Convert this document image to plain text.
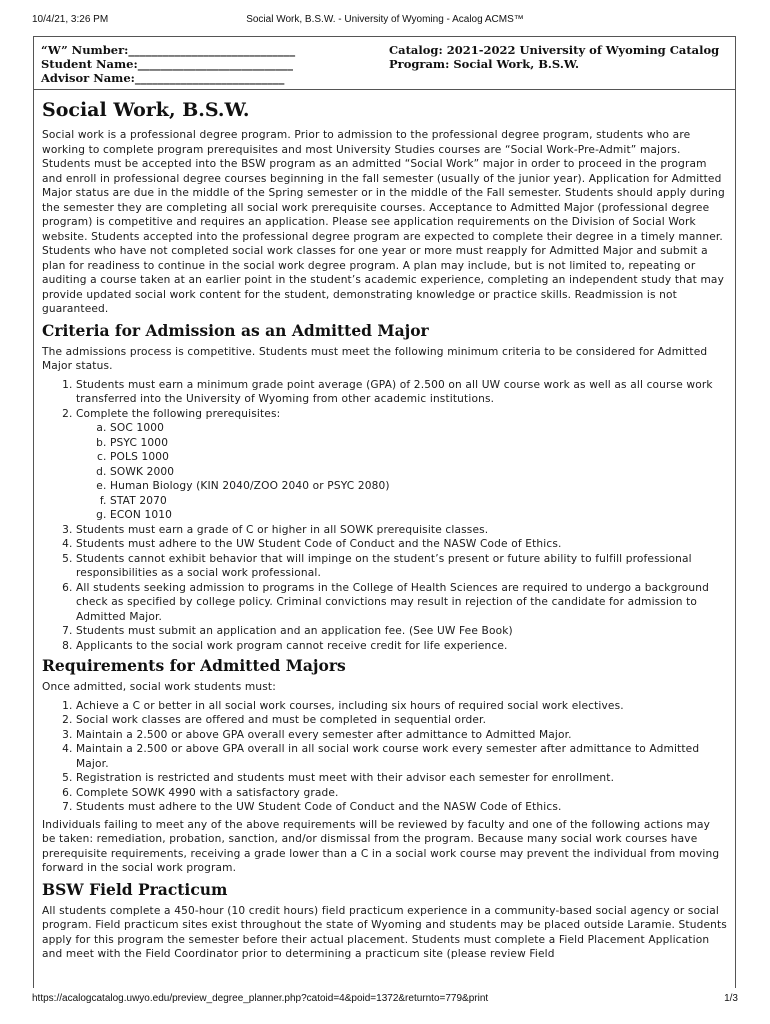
10/4/21, 3:26 PM	Social Work, B.S.W. - University of Wyoming - Acalog ACMS™
“W” Number:_____________________________
Student Name:___________________________
Advisor Name:__________________________
Catalog: 2021-2022 University of Wyoming Catalog
Program: Social Work, B.S.W.
Social Work, B.S.W.

Social work is a professional degree program. Prior to admission to the professional degree program, students who are working to complete program prerequisites and most University Studies courses are “Social Work-Pre-Admit” majors. Students must be accepted into the BSW program as an admitted “Social Work” major in order to proceed in the program and enroll in professional degree courses beginning in the fall semester (usually of the junior year). Application for Admitted Major status are due in the middle of the Spring semester or in the middle of the Fall semester. Students should apply during the semester they are completing all social work prerequisite courses. Acceptance to Admitted Major (professional degree program) is competitive and requires an application. Please see application requirements on the Division of Social Work website. Students accepted into the professional degree program are expected to complete their degree in a timely manner. Students who have not completed social work classes for one year or more must reapply for Admitted Major and submit a plan for readiness to continue in the social work degree program. A plan may include, but is not limited to, repeating or auditing a course taken at an earlier point in the student’s academic experience, completing an independent study that may provide updated social work content for the student, demonstrating knowledge or practice skills. Readmission is not guaranteed.

Criteria for Admission as an Admitted Major

The admissions process is competitive. Students must meet the following minimum criteria to be considered for Admitted Major status.

1. Students must earn a minimum grade point average (GPA) of 2.500 on all UW course work as well as all course work transferred into the University of Wyoming from other academic institutions.
2. Complete the following prerequisites:
a. SOC 1000
b. PSYC 1000
c. POLS 1000
d. SOWK 2000
e. Human Biology (KIN 2040/ZOO 2040 or PSYC 2080)
f. STAT 2070
g. ECON 1010
3. Students must earn a grade of C or higher in all SOWK prerequisite classes.
4. Students must adhere to the UW Student Code of Conduct and the NASW Code of Ethics.
5. Students cannot exhibit behavior that will impinge on the student’s present or future ability to fulfill professional responsibilities as a social work professional.
6. All students seeking admission to programs in the College of Health Sciences are required to undergo a background check as specified by college policy. Criminal convictions may result in rejection of the candidate for admission to Admitted Major.
7. Students must submit an application and an application fee. (See UW Fee Book)
8. Applicants to the social work program cannot receive credit for life experience.
Requirements for Admitted Majors

Once admitted, social work students must:

1. Achieve a C or better in all social work courses, including six hours of required social work electives.
2. Social work classes are offered and must be completed in sequential order.
3. Maintain a 2.500 or above GPA overall every semester after admittance to Admitted Major.
4. Maintain a 2.500 or above GPA overall in all social work course work every semester after admittance to Admitted Major.
5. Registration is restricted and students must meet with their advisor each semester for enrollment.
6. Complete SOWK 4990 with a satisfactory grade.
7. Students must adhere to the UW Student Code of Conduct and the NASW Code of Ethics.

Individuals failing to meet any of the above requirements will be reviewed by faculty and one of the following actions may be taken: remediation, probation, sanction, and/or dismissal from the program. Because many social work courses have prerequisite requirements, receiving a grade lower than a C in a social work course may prevent the individual from moving forward in the social work program.

BSW Field Practicum

All students complete a 450-hour (10 credit hours) field practicum experience in a community-based social agency or social program. Field practicum sites exist throughout the state of Wyoming and students may be placed outside Laramie. Students apply for this program the semester before their actual placement. Students must complete a Field Placement Application and meet with the Field Coordinator prior to determining a practicum site (please review Field

https://acalogcatalog.uwyo.edu/preview_degree_planner.php?catoid=4&poid=1372&returnto=779&print	1/3
